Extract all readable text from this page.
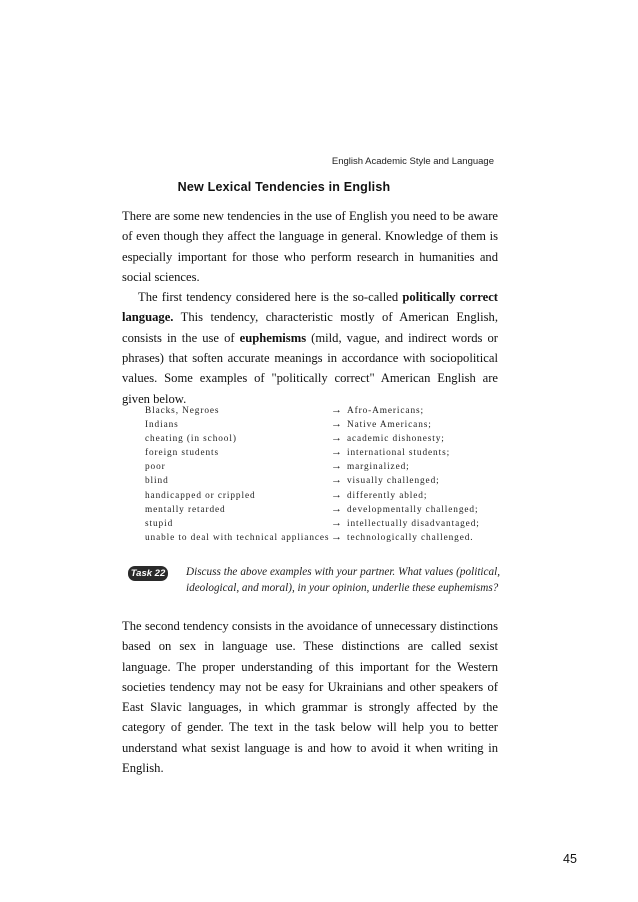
English Academic Style and Language
New Lexical Tendencies in English

There are some new tendencies in the use of English you need to be aware of even though they affect the language in general. Knowledge of them is especially important for those who perform research in humanities and social sciences.

The first tendency considered here is the so-called politically correct language. This tendency, characteristic mostly of American English, consists in the use of euphemisms (mild, vague, and indirect words or phrases) that soften accurate meanings in accordance with sociopolitical values. Some examples of "politically correct" American English are given below.

Blacks, Negroes	→ Afro-Americans;
Indians	→ Native Americans;
cheating (in school)	→ academic dishonesty;
foreign students	→ international students;
poor	→ marginalized;
blind	→ visually challenged;
handicapped or crippled	→ differently abled;
mentally retarded	→ developmentally challenged;
stupid	→ intellectually disadvantaged;
unable to deal with technical appliances → technologically challenged.
Task 22 Discuss the above examples with your partner. What values (political, ideological, and moral), in your opinion, underlie these euphemisms?

The second tendency consists in the avoidance of unnecessary distinctions based on sex in language use. These distinctions are called sexist language. The proper understanding of this important for the Western societies tendency may not be easy for Ukrainians and other speakers of East Slavic languages, in which grammar is strongly affected by the category of gender. The text in the task below will help you to better understand what sexist language is and how to avoid it when writing in English.

45
